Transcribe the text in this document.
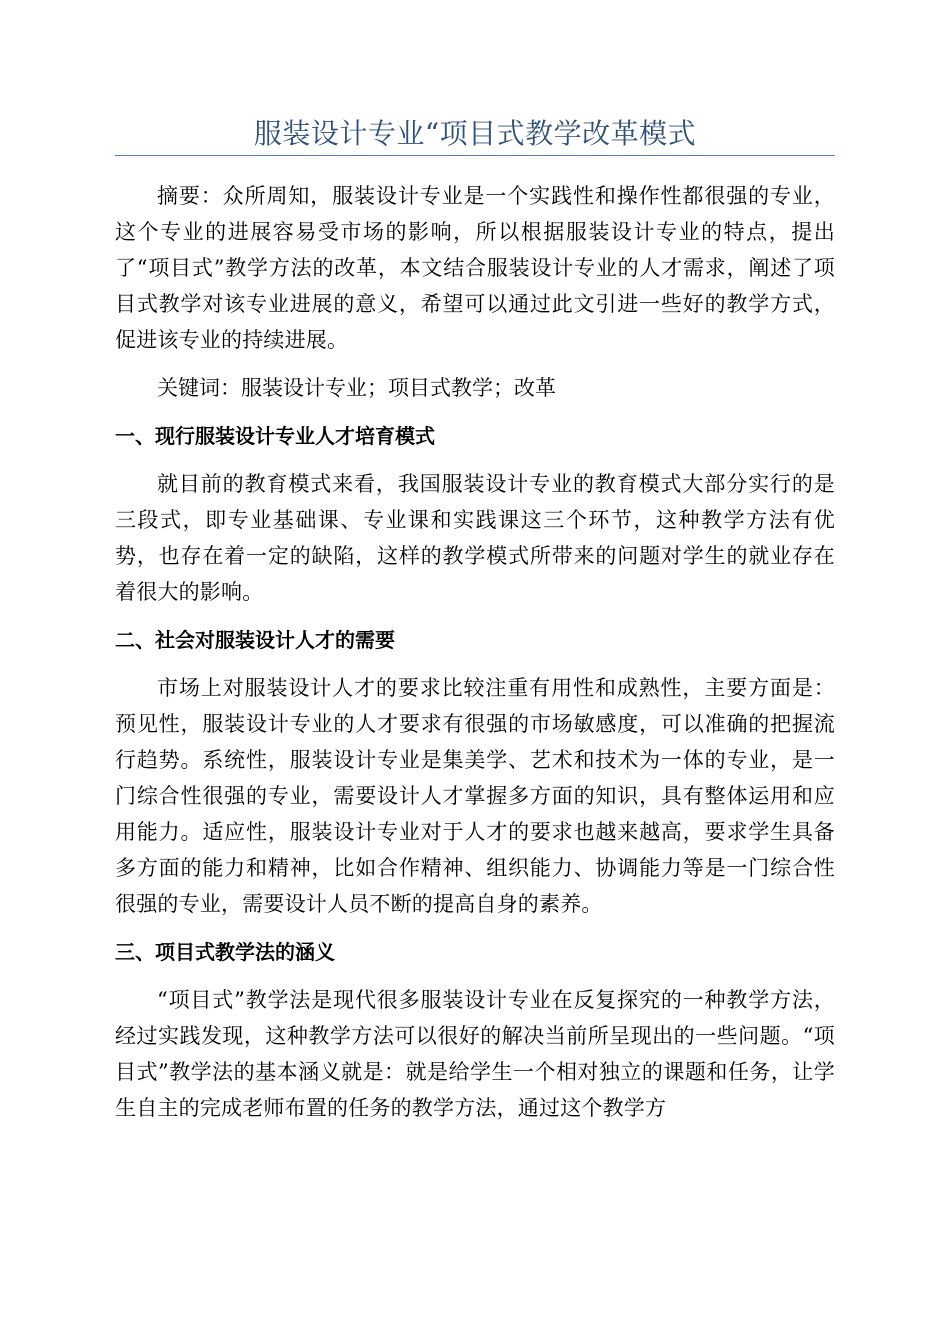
服装设计专业“项目式教学改革模式

摘要：众所周知，服装设计专业是一个实践性和操作性都很强的专业，这个专业的进展容易受市场的影响，所以根据服装设计专业的特点，提出了“项目式”教学方法的改革，本文结合服装设计专业的人才需求，阐述了项目式教学对该专业进展的意义，希望可以通过此文引进一些好的教学方式，促进该专业的持续进展。

关键词：服装设计专业；项目式教学；改革

一、现行服装设计专业人才培育模式

就目前的教育模式来看，我国服装设计专业的教育模式大部分实行的是三段式，即专业基础课、专业课和实践课这三个环节，这种教学方法有优势，也存在着一定的缺陷，这样的教学模式所带来的问题对学生的就业存在着很大的影响。

二、社会对服装设计人才的需要

市场上对服装设计人才的要求比较注重有用性和成熟性，主要方面是：预见性，服装设计专业的人才要求有很强的市场敏感度，可以准确的把握流行趋势。系统性，服装设计专业是集美学、艺术和技术为一体的专业，是一门综合性很强的专业，需要设计人才掌握多方面的知识，具有整体运用和应用能力。适应性，服装设计专业对于人才的要求也越来越高，要求学生具备多方面的能力和精神，比如合作精神、组织能力、协调能力等是一门综合性很强的专业，需要设计人员不断的提高自身的素养。

三、项目式教学法的涵义

“项目式”教学法是现代很多服装设计专业在反复探究的一种教学方法，经过实践发现，这种教学方法可以很好的解决当前所呈现出的一些问题。“项目式”教学法的基本涵义就是：就是给学生一个相对独立的课题和任务，让学生自主的完成老师布置的任务的教学方法，通过这个教学方
